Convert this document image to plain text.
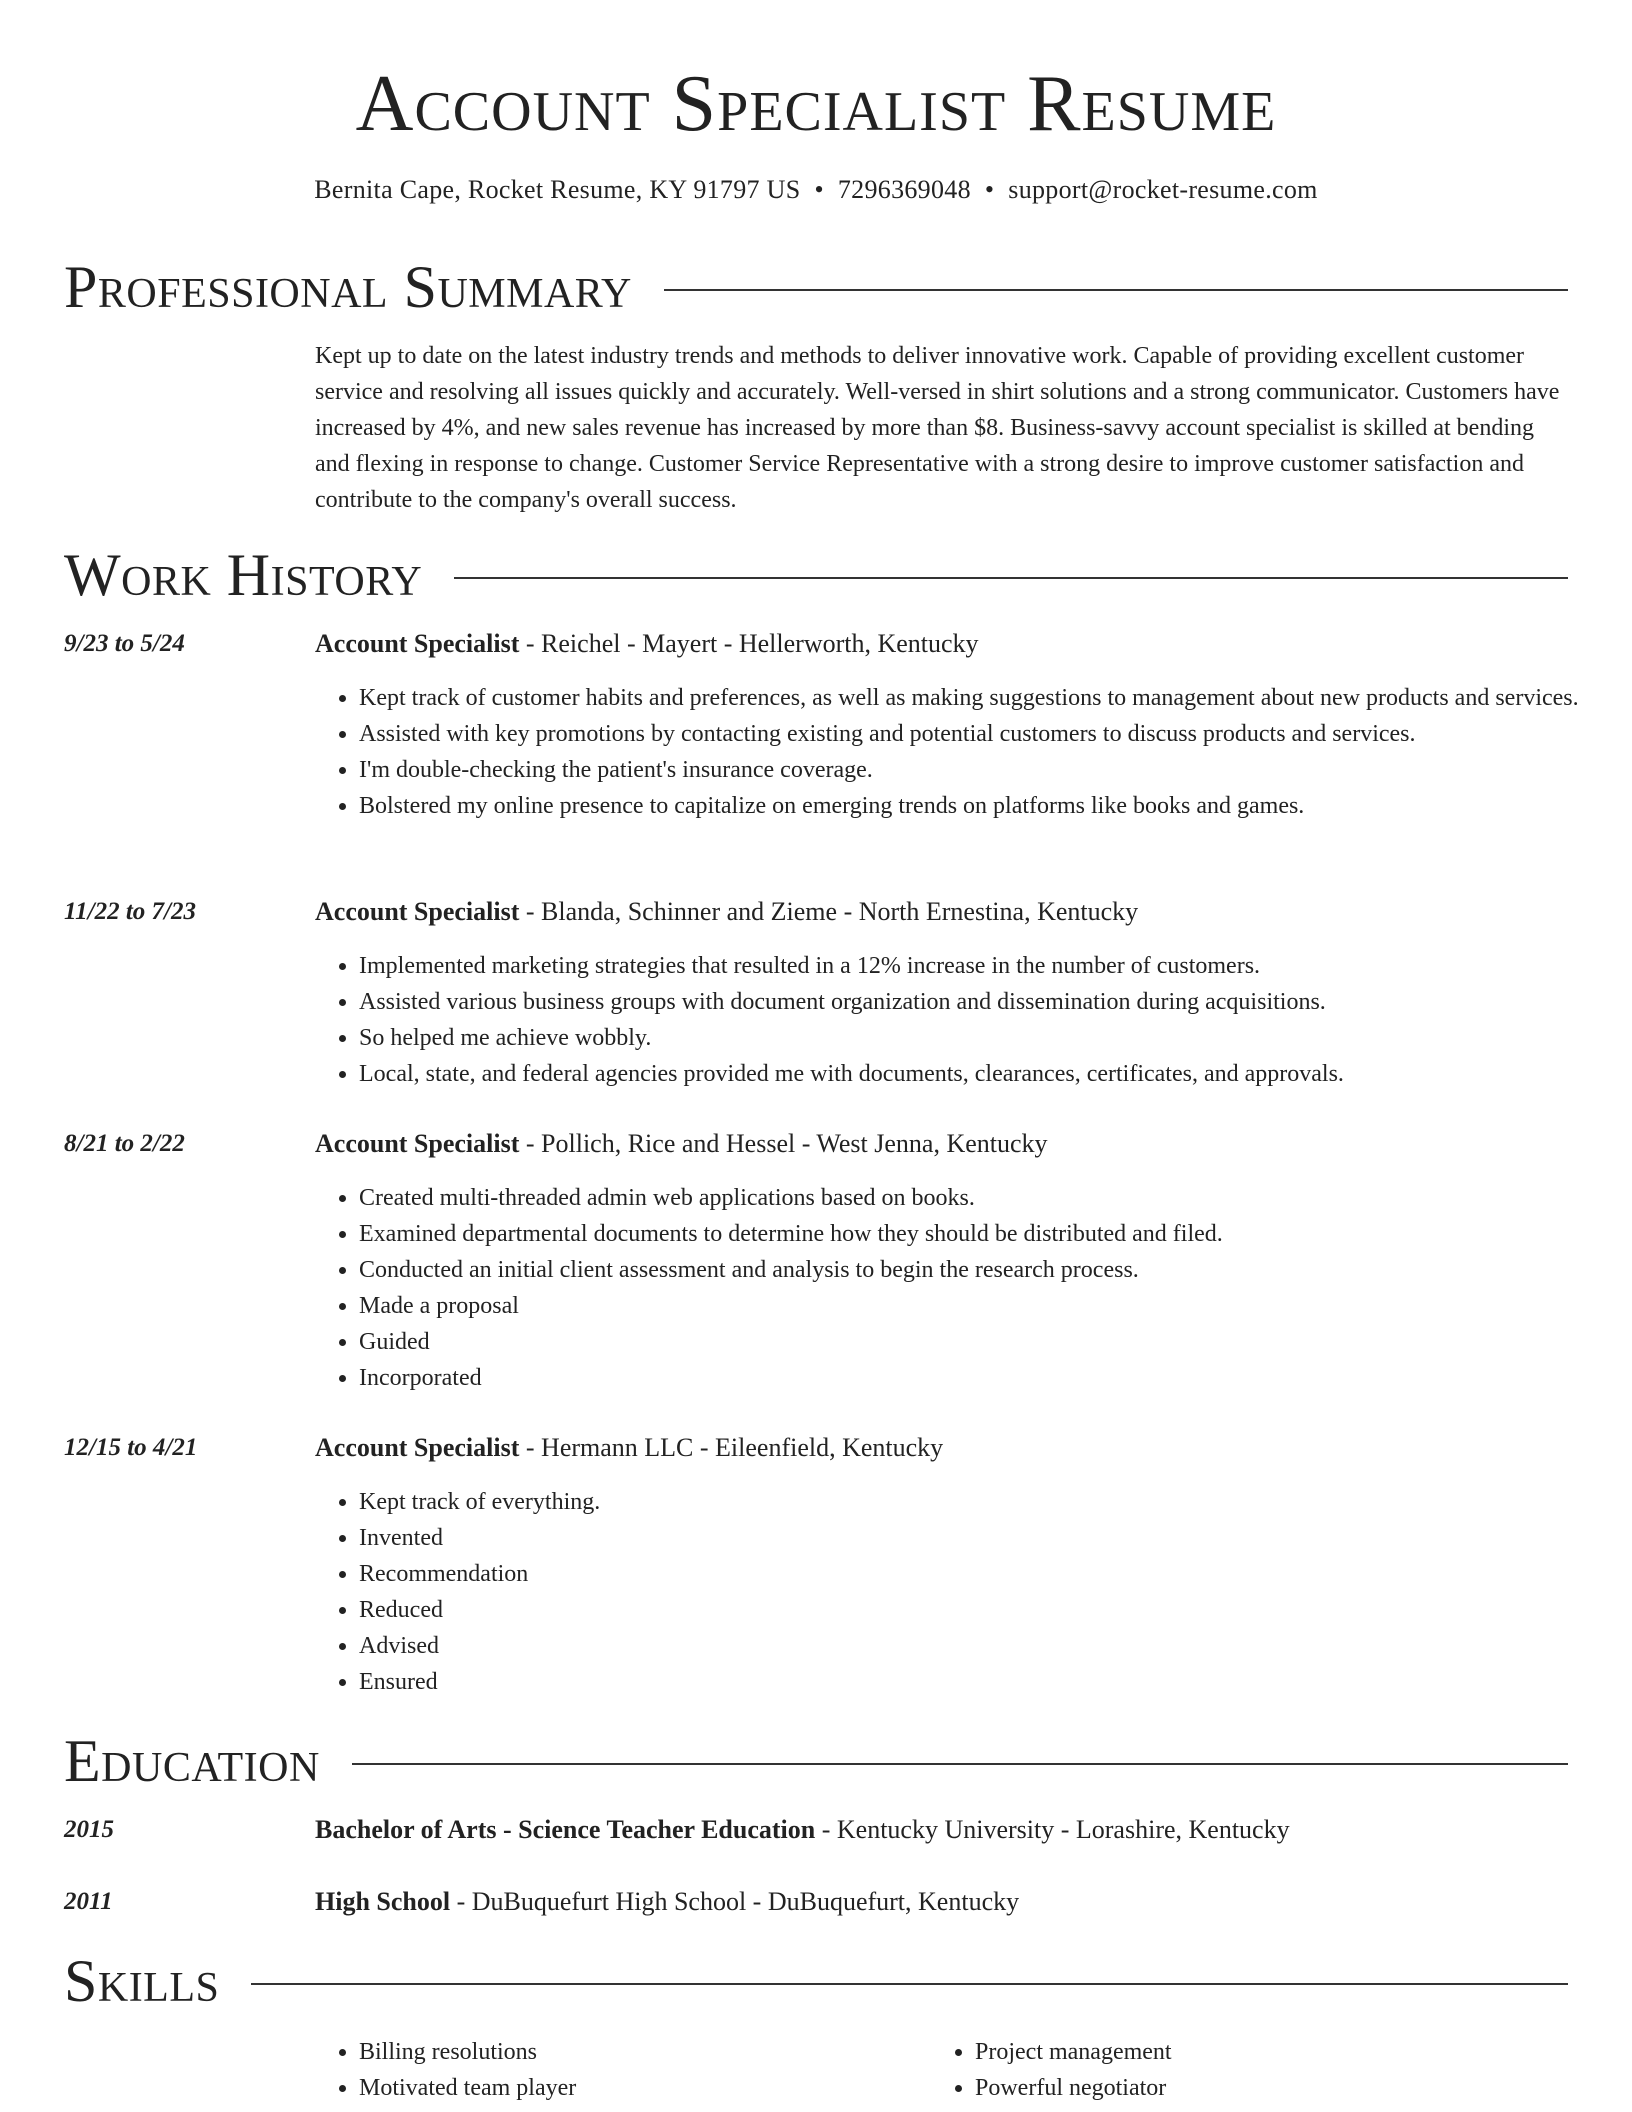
Account Specialist Resume
Bernita Cape, Rocket Resume, KY 91797 US • 7296369048 • support@rocket-resume.com
Professional Summary

Kept up to date on the latest industry trends and methods to deliver innovative work. Capable of providing excellent customer service and resolving all issues quickly and accurately. Well-versed in shirt solutions and a strong communicator. Customers have increased by 4%, and new sales revenue has increased by more than $8. Business-savvy account specialist is skilled at bending and flexing in response to change. Customer Service Representative with a strong desire to improve customer satisfaction and contribute to the company's overall success.

Work History
9/23 to 5/24	Account Specialist - Reichel - Mayert - Hellerworth, Kentucky
• Kept track of customer habits and preferences, as well as making suggestions to management about new products and services.
• Assisted with key promotions by contacting existing and potential customers to discuss products and services.
• I'm double-checking the patient's insurance coverage.
• Bolstered my online presence to capitalize on emerging trends on platforms like books and games.
11/22 to 7/23	Account Specialist - Blanda, Schinner and Zieme - North Ernestina, Kentucky
• Implemented marketing strategies that resulted in a 12% increase in the number of customers.
• Assisted various business groups with document organization and dissemination during acquisitions.
• So helped me achieve wobbly.
• Local, state, and federal agencies provided me with documents, clearances, certificates, and approvals.
8/21 to 2/22	Account Specialist - Pollich, Rice and Hessel - West Jenna, Kentucky
• Created multi-threaded admin web applications based on books.
• Examined departmental documents to determine how they should be distributed and filed.
• Conducted an initial client assessment and analysis to begin the research process.
• Made a proposal
• Guided
• Incorporated
12/15 to 4/21	Account Specialist - Hermann LLC - Eileenfield, Kentucky
• Kept track of everything.
• Invented
• Recommendation
• Reduced
• Advised
• Ensured
Education
2015	Bachelor of Arts - Science Teacher Education - Kentucky University - Lorashire, Kentucky
2011	High School - DuBuquefurt High School - DuBuquefurt, Kentucky
Skills
• Billing resolutions
• Motivated team player
• Project management
• Powerful negotiator
